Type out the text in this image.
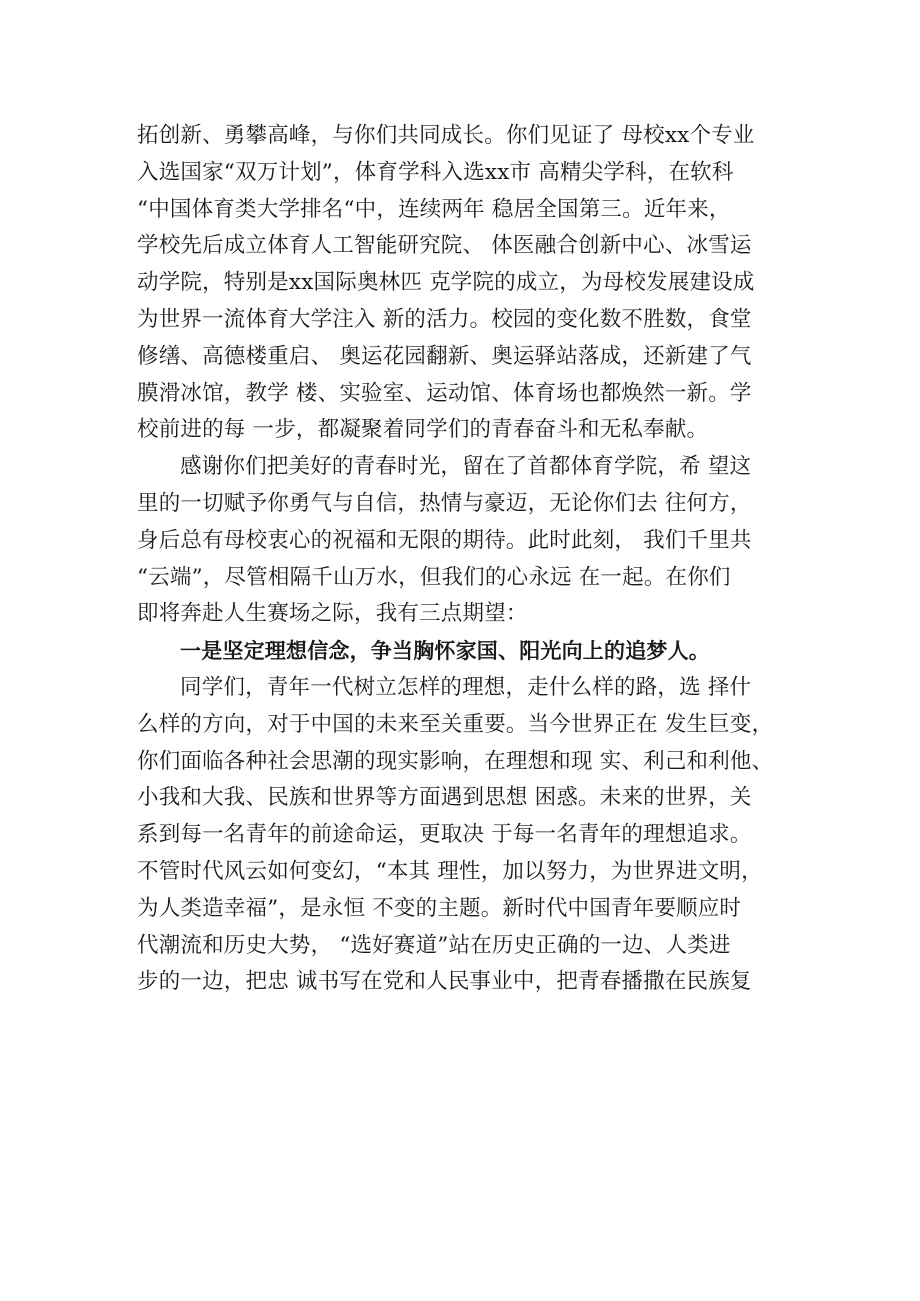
拓创新、勇攀高峰，与你们共同成长。你们见证了 母校xx个专业
入选国家“双万计划”，体育学科入选xx市 高精尖学科，在软科
“中国体育类大学排名“中，连续两年 稳居全国第三。近年来，
学校先后成立体育人工智能研究院、 体医融合创新中心、冰雪运
动学院，特别是xx国际奥林匹 克学院的成立，为母校发展建设成
为世界一流体育大学注入 新的活力。校园的变化数不胜数，食堂
修缮、高德楼重启、 奥运花园翻新、奥运驿站落成，还新建了气
膜滑冰馆，教学 楼、实验室、运动馆、体育场也都焕然一新。学
校前进的每 一步，都凝聚着同学们的青春奋斗和无私奉献。
感谢你们把美好的青春时光，留在了首都体育学院，希 望这
里的一切赋予你勇气与自信，热情与豪迈，无论你们去 往何方，
身后总有母校衷心的祝福和无限的期待。此时此刻， 我们千里共
“云端”，尽管相隔千山万水，但我们的心永远 在一起。在你们
即将奔赴人生赛场之际，我有三点期望：
一是坚定理想信念，争当胸怀家国、阳光向上的追梦人。
同学们，青年一代树立怎样的理想，走什么样的路，选 择什
么样的方向，对于中国的未来至关重要。当今世界正在 发生巨变，
你们面临各种社会思潮的现实影响，在理想和现 实、利己和利他、
小我和大我、民族和世界等方面遇到思想 困惑。未来的世界，关
系到每一名青年的前途命运，更取决 于每一名青年的理想追求。
不管时代风云如何变幻，“本其 理性，加以努力，为世界进文明，
为人类造幸福”，是永恒 不变的主题。新时代中国青年要顺应时
代潮流和历史大势， “选好赛道”站在历史正确的一边、人类进
步的一边，把忠 诚书写在党和人民事业中，把青春播撒在民族复
